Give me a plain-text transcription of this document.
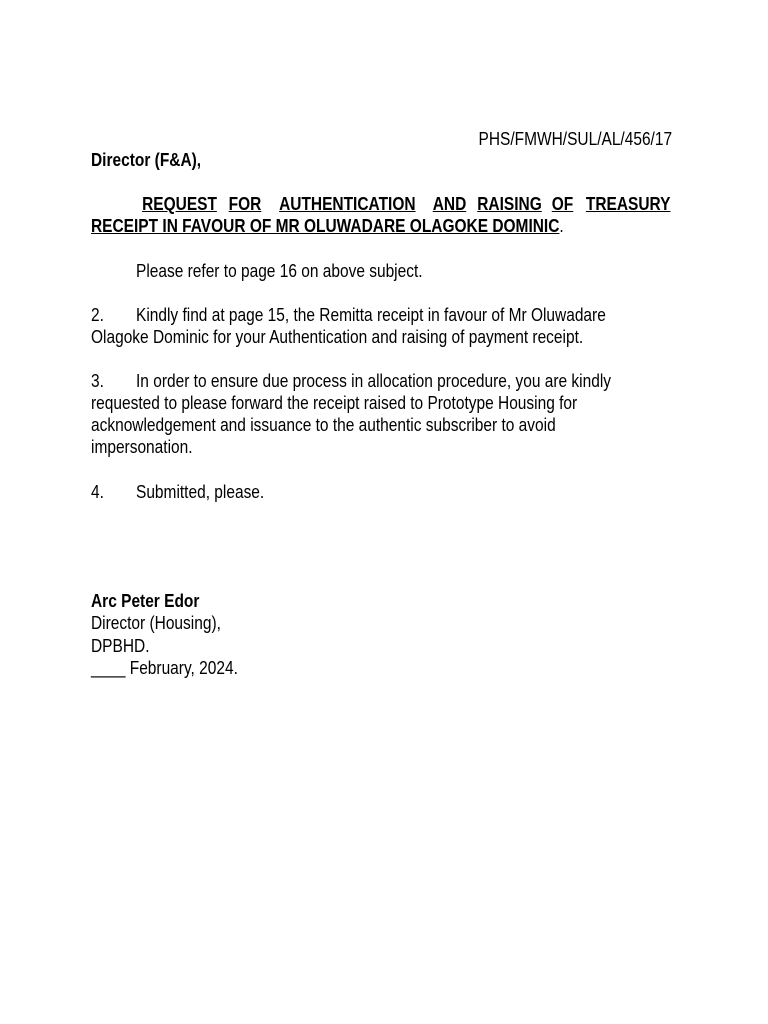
PHS/FMWH/SUL/AL/456/17
Director (F&A),
REQUEST FOR AUTHENTICATION AND RAISING OF TREASURY
RECEIPT IN FAVOUR OF MR OLUWADARE OLAGOKE DOMINIC.
Please refer to page 16 on above subject.
2. Kindly find at page 15, the Remitta receipt in favour of Mr Oluwadare
Olagoke Dominic for your Authentication and raising of payment receipt.
3. In order to ensure due process in allocation procedure, you are kindly
requested to please forward the receipt raised to Prototype Housing for
acknowledgement and issuance to the authentic subscriber to avoid
impersonation.
4. Submitted, please.
Arc Peter Edor
Director (Housing),
DPBHD.
____ February, 2024.
